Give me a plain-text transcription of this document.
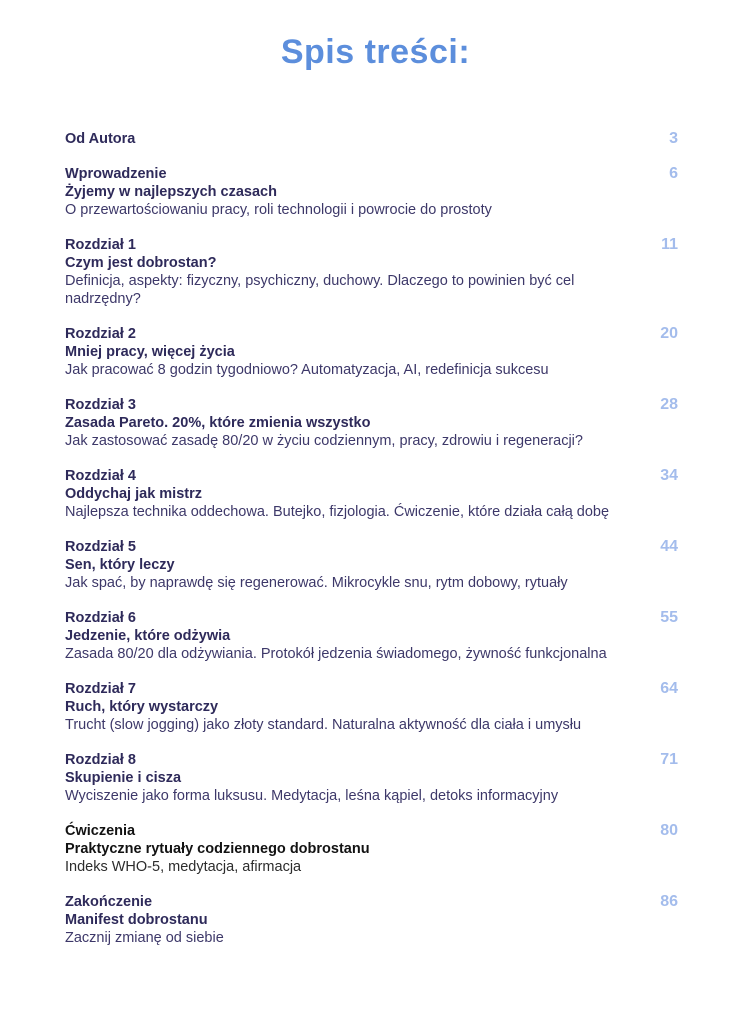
Spis treści:
Od Autora	3
Wprowadzenie
Żyjemy w najlepszych czasach
O przewartościowaniu pracy, roli technologii i powrocie do prostoty
6
Rozdział 1
Czym jest dobrostan?
Definicja, aspekty: fizyczny, psychiczny, duchowy. Dlaczego to powinien być cel nadrzędny?
11
Rozdział 2
Mniej pracy, więcej życia
Jak pracować 8 godzin tygodniowo? Automatyzacja, AI, redefinicja sukcesu
20
Rozdział 3
Zasada Pareto. 20%, które zmienia wszystko
Jak zastosować zasadę 80/20 w życiu codziennym, pracy, zdrowiu i regeneracji?
28
Rozdział 4
Oddychaj jak mistrz
Najlepsza technika oddechowa. Butejko, fizjologia. Ćwiczenie, które działa całą dobę
34
Rozdział 5
Sen, który leczy
Jak spać, by naprawdę się regenerować. Mikrocykle snu, rytm dobowy, rytuały
44
Rozdział 6
Jedzenie, które odżywia
Zasada 80/20 dla odżywiania. Protokół jedzenia świadomego, żywność funkcjonalna
55
Rozdział 7
Ruch, który wystarczy
Trucht (slow jogging) jako złoty standard. Naturalna aktywność dla ciała i umysłu
64
Rozdział 8
Skupienie i cisza
Wyciszenie jako forma luksusu. Medytacja, leśna kąpiel, detoks informacyjny
71
Ćwiczenia
Praktyczne rytuały codziennego dobrostanu
Indeks WHO-5, medytacja, afirmacja
80
Zakończenie
Manifest dobrostanu
Zacznij zmianę od siebie
86
